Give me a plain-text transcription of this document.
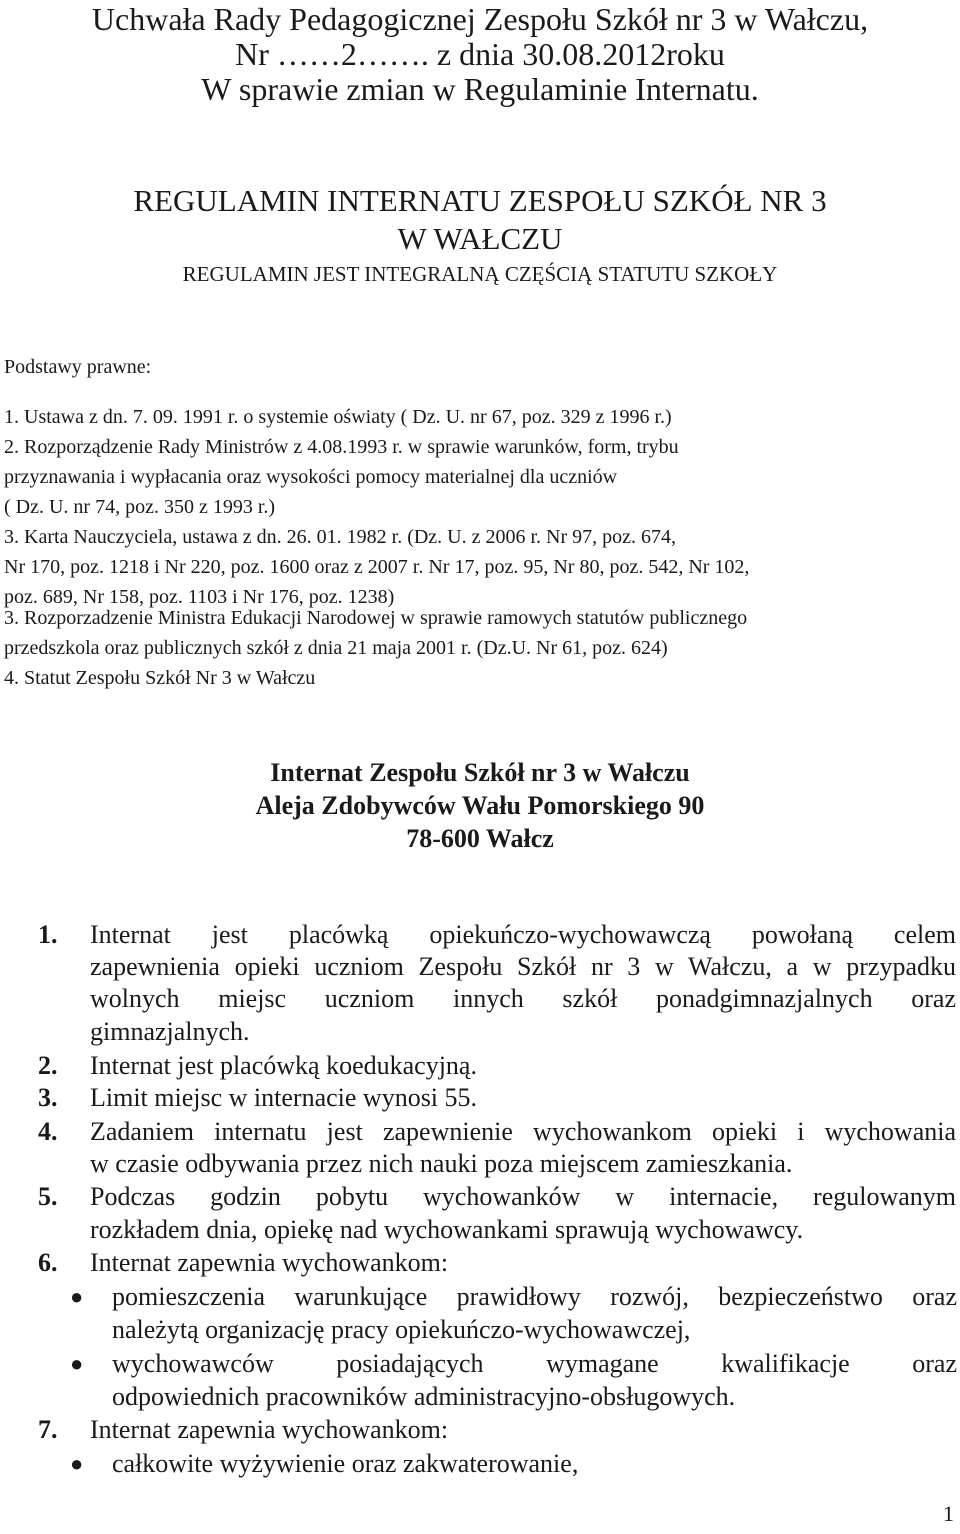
Uchwała Rady Pedagogicznej Zespołu Szkół nr 3 w Wałczu,
Nr ……2……. z dnia 30.08.2012roku
W sprawie zmian w Regulaminie Internatu.
REGULAMIN INTERNATU ZESPOŁU SZKÓŁ NR 3
W WAŁCZU
REGULAMIN JEST INTEGRALNĄ CZĘŚCIĄ STATUTU SZKOŁY
Podstawy prawne:
1. Ustawa z dn. 7. 09. 1991 r. o systemie oświaty ( Dz. U. nr 67, poz. 329 z 1996 r.)
2. Rozporządzenie Rady Ministrów z 4.08.1993 r. w sprawie warunków, form, trybu
przyznawania i wypłacania oraz wysokości pomocy materialnej dla uczniów
( Dz. U. nr 74, poz. 350 z 1993 r.)
3. Karta Nauczyciela, ustawa z dn. 26. 01. 1982 r. (Dz. U. z 2006 r. Nr 97, poz. 674,
Nr 170, poz. 1218 i Nr 220, poz. 1600 oraz z 2007 r. Nr 17, poz. 95, Nr 80, poz. 542, Nr 102,
poz. 689, Nr 158, poz. 1103 i Nr 176, poz. 1238)
3. Rozporzadzenie Ministra Edukacji Narodowej w sprawie ramowych statutów publicznego
przedszkola oraz publicznych szkół z dnia 21 maja 2001 r. (Dz.U. Nr 61, poz. 624)
4. Statut Zespołu Szkół Nr 3 w Wałczu
Internat Zespołu Szkół nr 3 w Wałczu
Aleja Zdobywców Wału Pomorskiego 90
78-600 Wałcz
1. Internat jest placówką opiekuńczo-wychowawczą powołaną celem
zapewnienia opieki uczniom Zespołu Szkół nr 3 w Wałczu, a w przypadku
wolnych miejsc uczniom innych szkół ponadgimnazjalnych oraz
gimnazjalnych.
2. Internat jest placówką koedukacyjną.
3. Limit miejsc w internacie wynosi 55.
4. Zadaniem internatu jest zapewnienie wychowankom opieki i wychowania
w czasie odbywania przez nich nauki poza miejscem zamieszkania.
5. Podczas godzin pobytu wychowanków w internacie, regulowanym
rozkładem dnia, opiekę nad wychowankami sprawują wychowawcy.
6. Internat zapewnia wychowankom:
● pomieszczenia warunkujące prawidłowy rozwój, bezpieczeństwo oraz
należytą organizację pracy opiekuńczo-wychowawczej,
● wychowawców posiadających wymagane kwalifikacje oraz
odpowiednich pracowników administracyjno-obsługowych.
7. Internat zapewnia wychowankom:
● całkowite wyżywienie oraz zakwaterowanie,
1
